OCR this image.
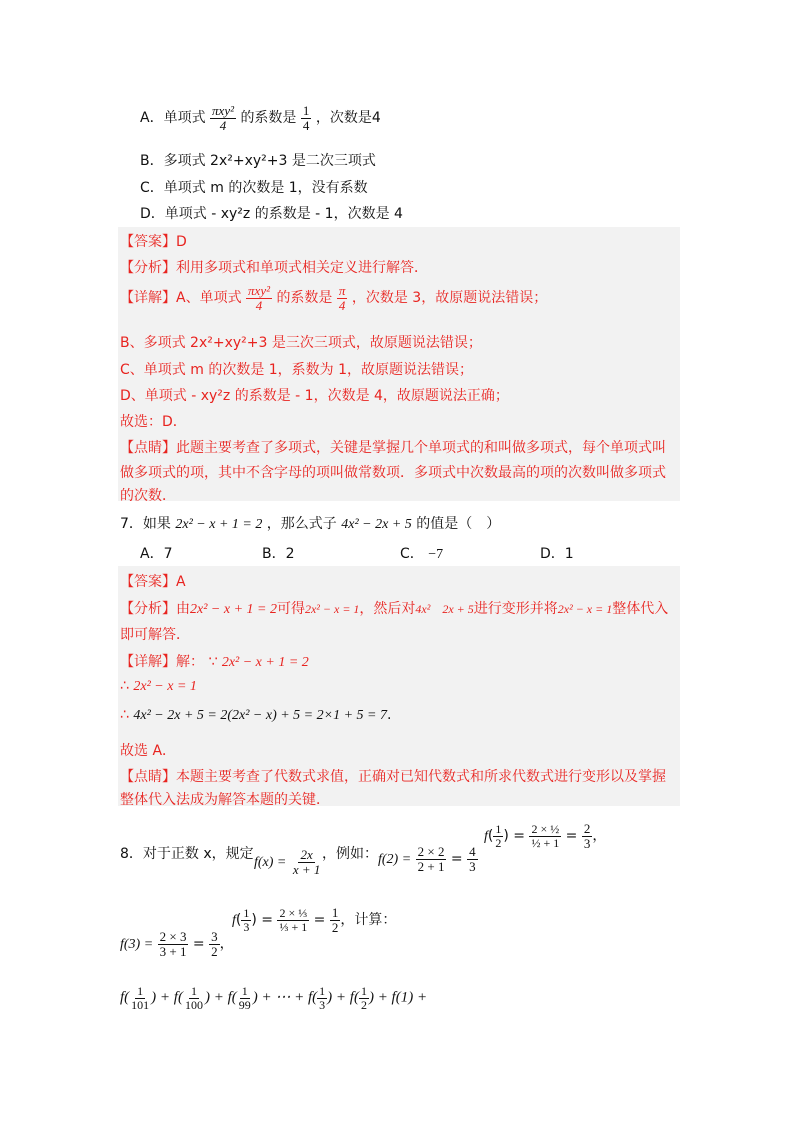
A．单项式 $\frac{\text{πxy²}}{4}$ 的系数是 $\frac{1}{4}$ ，次数是4
B．多项式 2x²+xy²+3 是二次三项式
C．单项式 m 的次数是 1，没有系数
D．单项式 - xy²z 的系数是 - 1，次数是 4
【答案】D
【分析】利用多项式和单项式相关定义进行解答．
【详解】A、单项式 $\frac{\text{πxy²}}{4}$ 的系数是 $\frac{\pi}{4}$ ，次数是 3，故原题说法错误；
B、多项式 2x²+xy²+3 是三次三项式，故原题说法错误；
C、单项式 m 的次数是 1，系数为 1，故原题说法错误；
D、单项式 - xy²z 的系数是 - 1，次数是 4，故原题说法正确；
故选：D．
【点睛】此题主要考查了多项式，关键是掌握几个单项式的和叫做多项式，每个单项式叫
做多项式的项，其中不含字母的项叫做常数项．多项式中次数最高的项的次数叫做多项式
的次数．
7．如果 2x² − x + 1 = 2 ，那么式子 4x² − 2x + 5 的值是（　）
A．7	B．2	C． −7	D．1
【答案】A
【分析】由2x² − x + 1 = 2可得2x² − x = 1，然后对4x²　2x + 5进行变形并将2x² − x = 1整体代入
即可解答．
【详解】解： ∵ 2x² − x + 1 = 2
∴ 2x² − x = 1
∴ 4x² − 2x + 5 = 2(2x² − x) + 5 = 2×1 + 5 = 7.
故选 A．
【点睛】本题主要考查了代数式求值，正确对已知代数式和所求代数式进行变形以及掌握
整体代入法成为解答本题的关键．
8．对于正数 x，规定
$f(x) = \frac{2x}{x + 1}$ ，例如： $f(2) = \frac{2 \times 2}{2 + 1} = \frac{4}{3}$
$f( \frac{1}{2}$ ) = $\frac{\text{2 × ½}}{\text{½ + 1}} = \frac{2}{3}$ ，
$f(3) = \frac{2 \times 3}{3 + 1} = \frac{3}{2}$ ，
$f( \frac{1}{3}$ ) = $\frac{\text{2 × ⅓}}{\text{⅓ + 1}} = \frac{1}{2}$ ，计算：
$f( \frac{1}{101}$ ) + $f( \frac{1}{100}$ ) + $f( \frac{1}{99}$ ) + ⋯ + $f( \frac{1}{3}$ ) + $f( \frac{1}{2}$ ) + f(1) +
